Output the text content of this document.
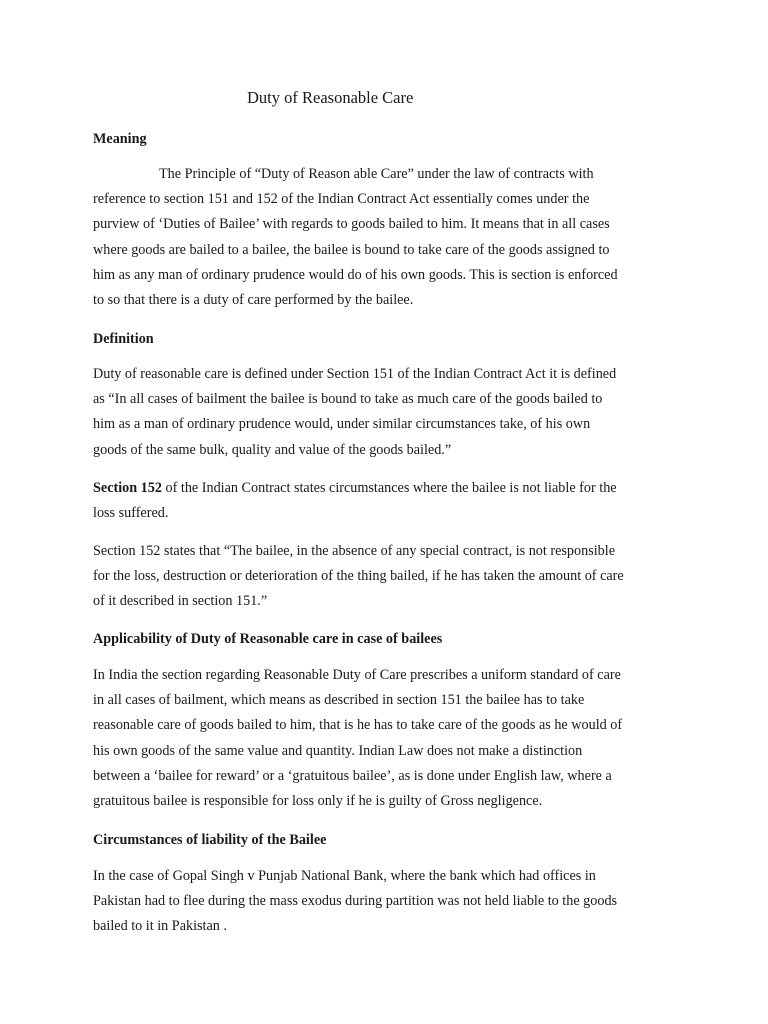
Duty of Reasonable Care
Meaning
The Principle of “Duty of Reason able Care” under the law of contracts with
reference to section 151 and 152 of the Indian Contract Act essentially comes under the
purview of ‘Duties of Bailee’ with regards to goods bailed to him. It means that in all cases
where goods are bailed to a bailee, the bailee is bound to take care of the goods assigned to
him as any man of ordinary prudence would do of his own goods. This is section is enforced
to so that there is a duty of care performed by the bailee.
Definition
Duty of reasonable care is defined under Section 151 of the Indian Contract Act it is defined
as “In all cases of bailment the bailee is bound to take as much care of the goods bailed to
him as a man of ordinary prudence would, under similar circumstances take, of his own
goods of the same bulk, quality and value of the goods bailed.”
Section 152 of the Indian Contract states circumstances where the bailee is not liable for the
loss suffered.
Section 152 states that “The bailee, in the absence of any special contract, is not responsible
for the loss, destruction or deterioration of the thing bailed, if he has taken the amount of care
of it described in section 151.”
Applicability of Duty of Reasonable care in case of bailees
In India the section regarding Reasonable Duty of Care prescribes a uniform standard of care
in all cases of bailment, which means as described in section 151 the bailee has to take
reasonable care of goods bailed to him, that is he has to take care of the goods as he would of
his own goods of the same value and quantity. Indian Law does not make a distinction
between a ‘bailee for reward’ or a ‘gratuitous bailee’, as is done under English law, where a
gratuitous bailee is responsible for loss only if he is guilty of Gross negligence.
Circumstances of liability of the Bailee
In the case of Gopal Singh v Punjab National Bank, where the bank which had offices in
Pakistan had to flee during the mass exodus during partition was not held liable to the goods
bailed to it in Pakistan .
